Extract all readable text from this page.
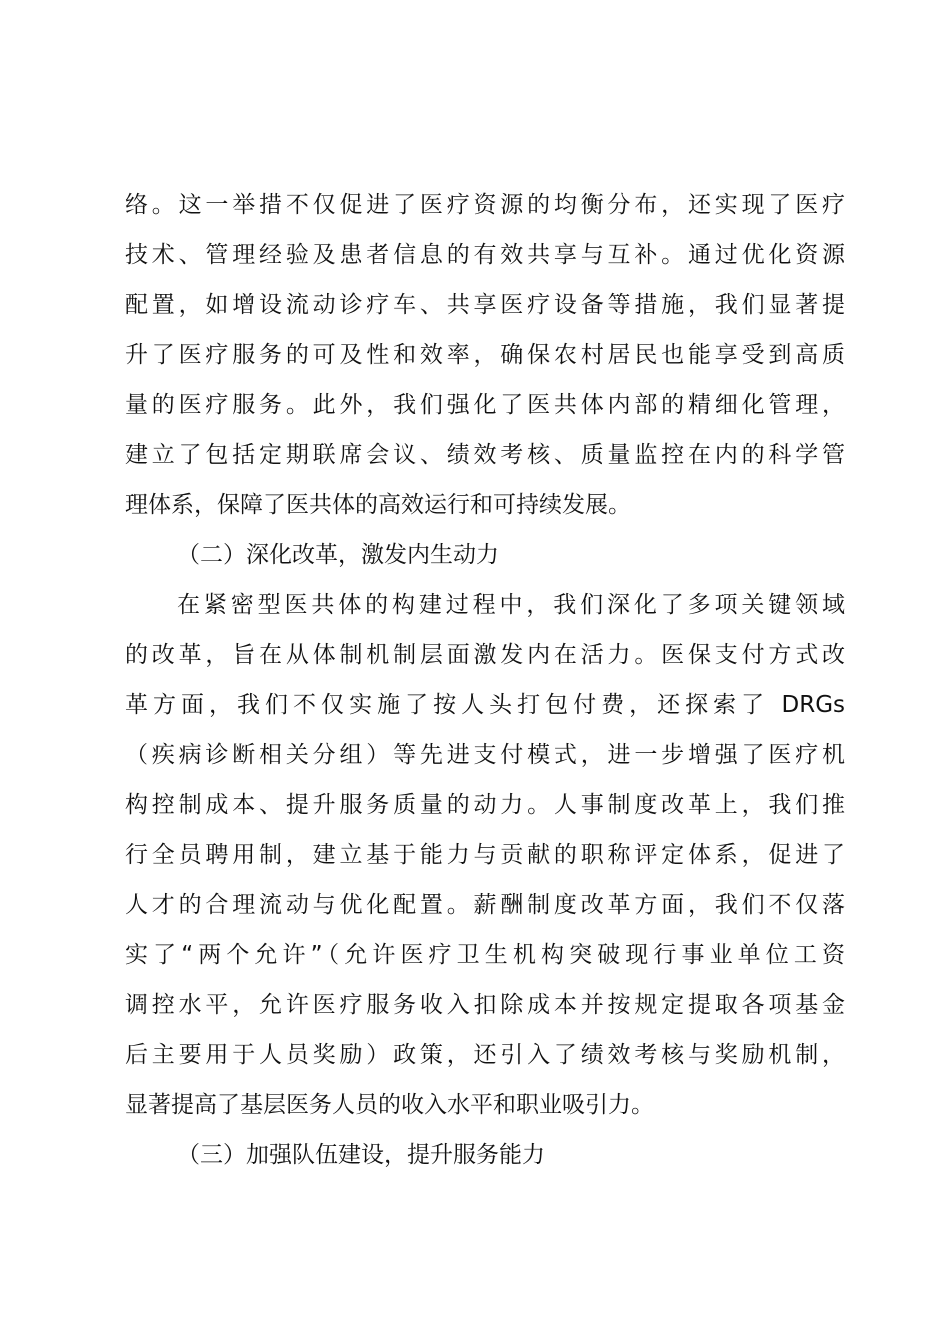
络。这一举措不仅促进了医疗资源的均衡分布，还实现了医疗
技术、管理经验及患者信息的有效共享与互补。通过优化资源
配置，如增设流动诊疗车、共享医疗设备等措施，我们显著提
升了医疗服务的可及性和效率，确保农村居民也能享受到高质
量的医疗服务。此外，我们强化了医共体内部的精细化管理，
建立了包括定期联席会议、绩效考核、质量监控在内的科学管
理体系，保障了医共体的高效运行和可持续发展。
（二）深化改革，激发内生动力
在紧密型医共体的构建过程中，我们深化了多项关键领域
的改革，旨在从体制机制层面激发内在活力。医保支付方式改
革方面，我们不仅实施了按人头打包付费，还探索了 DRGs
（疾病诊断相关分组）等先进支付模式，进一步增强了医疗机
构控制成本、提升服务质量的动力。人事制度改革上，我们推
行全员聘用制，建立基于能力与贡献的职称评定体系，促进了
人才的合理流动与优化配置。薪酬制度改革方面，我们不仅落
实了“两个允许”（允许医疗卫生机构突破现行事业单位工资
调控水平，允许医疗服务收入扣除成本并按规定提取各项基金
后主要用于人员奖励）政策，还引入了绩效考核与奖励机制，
显著提高了基层医务人员的收入水平和职业吸引力。
（三）加强队伍建设，提升服务能力
